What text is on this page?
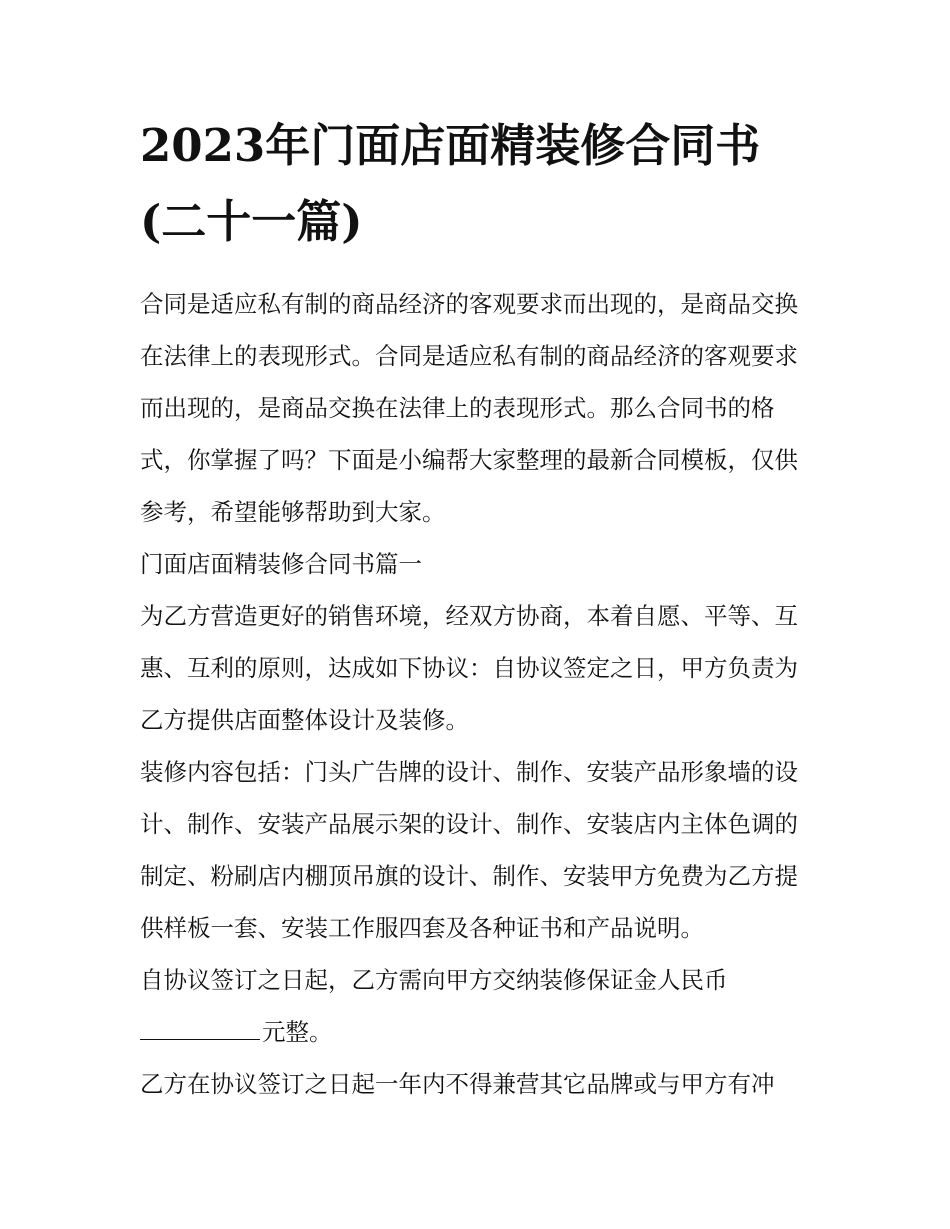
2023年门面店面精装修合同书
(二十一篇)

合同是适应私有制的商品经济的客观要求而出现的，是商品交换在法律上的表现形式。合同是适应私有制的商品经济的客观要求而出现的，是商品交换在法律上的表现形式。那么合同书的格式，你掌握了吗？下面是小编帮大家整理的最新合同模板，仅供参考，希望能够帮助到大家。

门面店面精装修合同书篇一

为乙方营造更好的销售环境，经双方协商，本着自愿、平等、互惠、互利的原则，达成如下协议：自协议签定之日，甲方负责为乙方提供店面整体设计及装修。

装修内容包括：门头广告牌的设计、制作、安装产品形象墙的设计、制作、安装产品展示架的设计、制作、安装店内主体色调的制定、粉刷店内棚顶吊旗的设计、制作、安装甲方免费为乙方提供样板一套、安装工作服四套及各种证书和产品说明。

自协议签订之日起，乙方需向甲方交纳装修保证金人民币
元整。

乙方在协议签订之日起一年内不得兼营其它品牌或与甲方有冲
